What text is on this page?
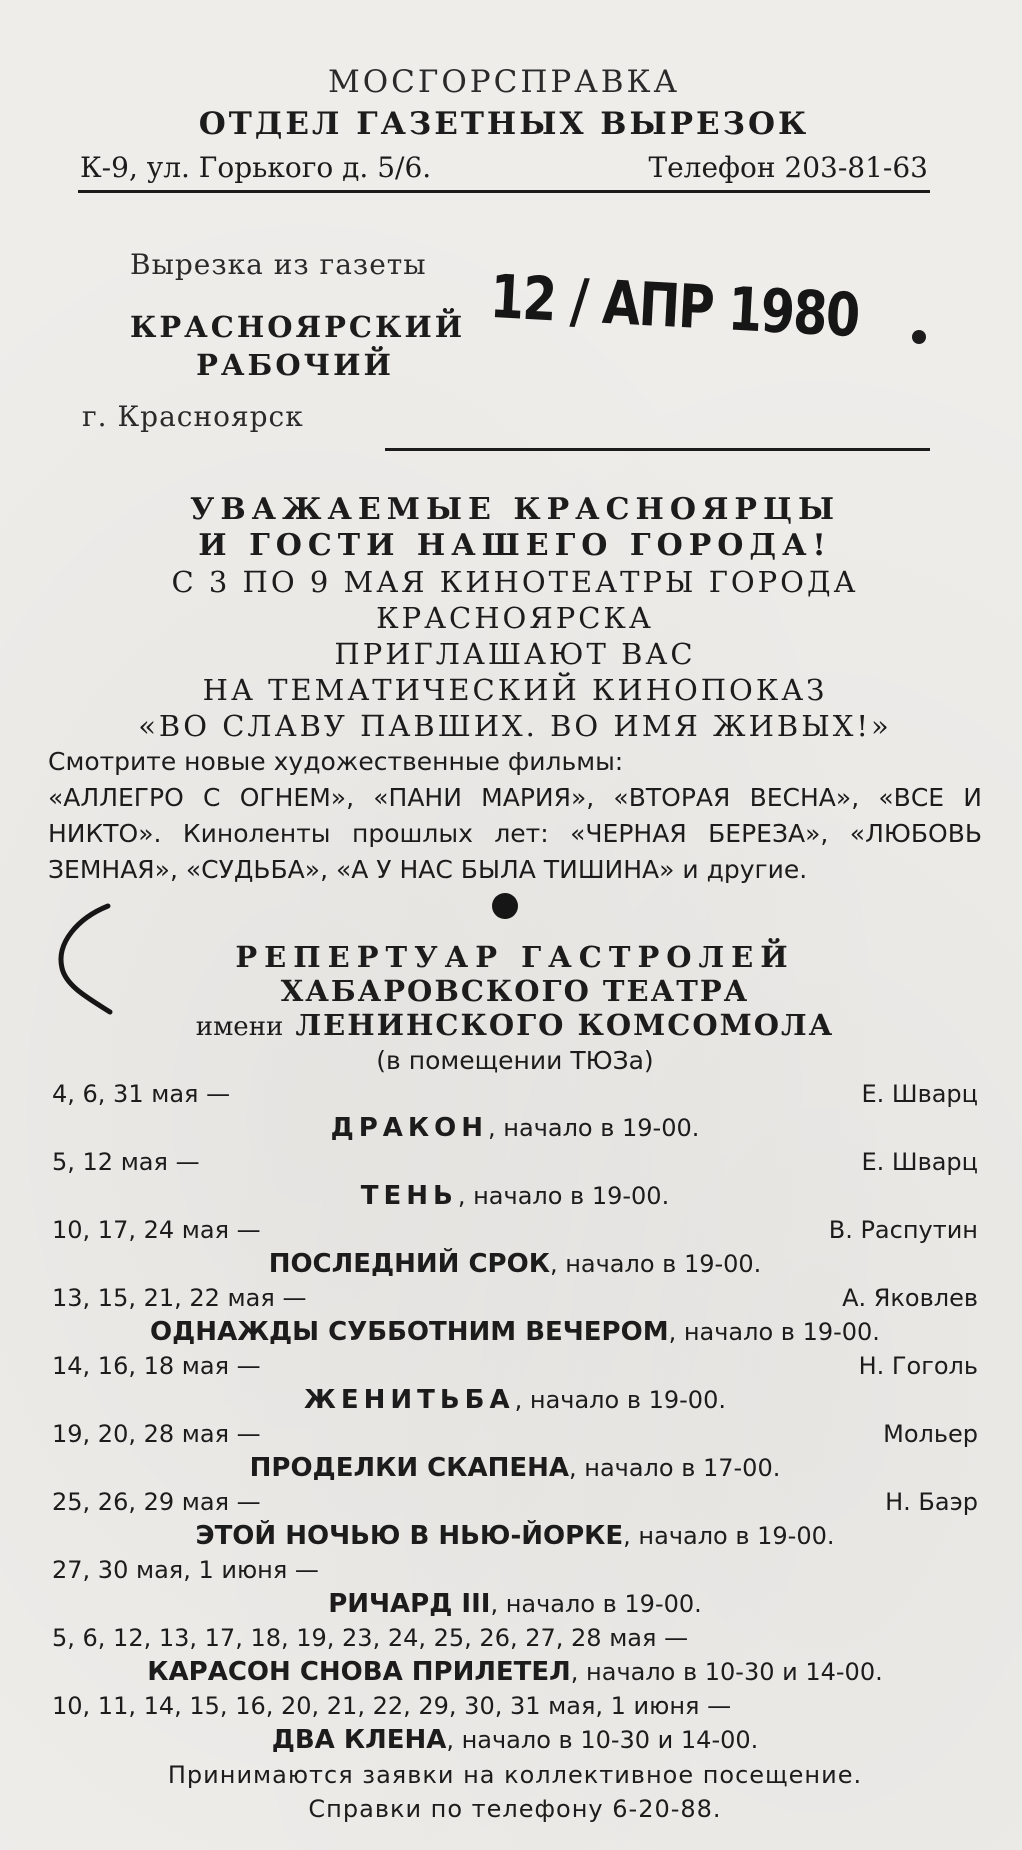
МОСГОРСПРАВКА
ОТДЕЛ ГАЗЕТНЫХ ВЫРЕЗОК
К-9, ул. Горького д. 5/6.	Телефон 203-81-63
Вырезка из газеты
КРАСНОЯРСКИЙ
РАБОЧИЙ
12 / АПР 1980
г. Красноярск
УВАЖАЕМЫЕ КРАСНОЯРЦЫ
И ГОСТИ НАШЕГО ГОРОДА!
С 3 ПО 9 МАЯ КИНОТЕАТРЫ ГОРОДА КРАСНОЯРСКА
ПРИГЛАШАЮТ ВАС
НА ТЕМАТИЧЕСКИЙ КИНОПОКАЗ
«ВО СЛАВУ ПАВШИХ. ВО ИМЯ ЖИВЫХ!»
Смотрите новые художественные фильмы:
«АЛЛЕГРО С ОГНЕМ», «ПАНИ МАРИЯ», «ВТОРАЯ ВЕСНА», «ВСЕ И НИКТО». Киноленты прошлых лет: «ЧЕРНАЯ БЕРЕЗА», «ЛЮБОВЬ ЗЕМНАЯ», «СУДЬБА», «А У НАС БЫЛА ТИШИНА» и другие.
РЕПЕРТУАР ГАСТРОЛЕЙ
ХАБАРОВСКОГО ТЕАТРА
имени ЛЕНИНСКОГО КОМСОМОЛА
(в помещении ТЮЗа)
4, 6, 31 мая —	Е. Шварц
ДРАКОН, начало в 19-00.
5, 12 мая —	Е. Шварц
ТЕНЬ, начало в 19-00.
10, 17, 24 мая —	В. Распутин
ПОСЛЕДНИЙ СРОК, начало в 19-00.
13, 15, 21, 22 мая —	А. Яковлев
ОДНАЖДЫ СУББОТНИМ ВЕЧЕРОМ, начало в 19-00.
14, 16, 18 мая —	Н. Гоголь
ЖЕНИТЬБА, начало в 19-00.
19, 20, 28 мая —	Мольер
ПРОДЕЛКИ СКАПЕНА, начало в 17-00.
25, 26, 29 мая —	Н. Баэр
ЭТОЙ НОЧЬЮ В НЬЮ-ЙОРКЕ, начало в 19-00.
27, 30 мая, 1 июня —
РИЧАРД III, начало в 19-00.
5, 6, 12, 13, 17, 18, 19, 23, 24, 25, 26, 27, 28 мая —
КАРАСОН СНОВА ПРИЛЕТЕЛ, начало в 10-30 и 14-00.
10, 11, 14, 15, 16, 20, 21, 22, 29, 30, 31 мая, 1 июня —
ДВА КЛЕНА, начало в 10-30 и 14-00.
Принимаются заявки на коллективное посещение.
Справки по телефону 6-20-88.
